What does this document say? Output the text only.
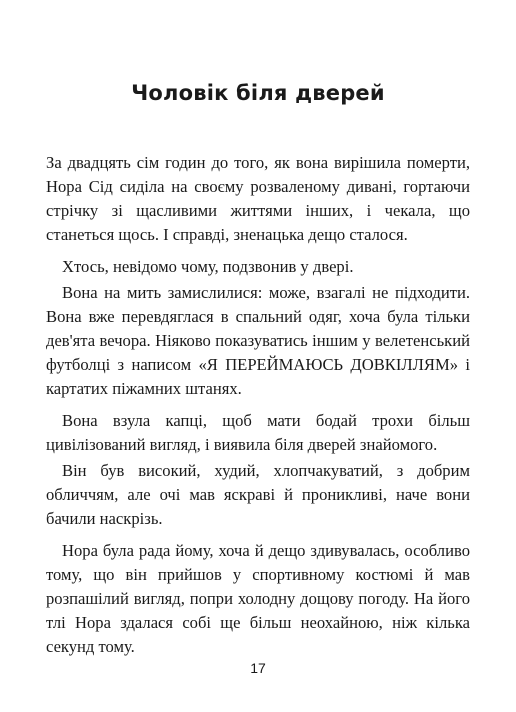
Чоловік біля дверей

За двадцять сім годин до того, як вона вирішила померти, Нора Сід сиділа на своєму розваленому дивані, гортаючи стрічку зі щасливими життями інших, і чекала, що станеться щось. І справді, зненацька дещо сталося.

Хтось, невідомо чому, подзвонив у двері.

Вона на мить замислилися: може, взагалі не підходити. Вона вже перевдяглася в спальний одяг, хоча була тільки дев'ята вечора. Ніяково показуватись іншим у велетенський футболці з написом «Я ПЕРЕЙМАЮСЬ ДОВКІЛЛЯМ» і картатих піжамних штанях.

Вона взула капці, щоб мати бодай трохи більш цивілізований вигляд, і виявила біля дверей знайомого.

Він був високий, худий, хлопчакуватий, з добрим обличчям, але очі мав яскраві й проникливі, наче вони бачили наскрізь.

Нора була рада йому, хоча й дещо здивувалась, особливо тому, що він прийшов у спортивному костюмі й мав розпашілий вигляд, попри холодну дощову погоду. На його тлі Нора здалася собі ще більш неохайною, ніж кілька секунд тому.

17
